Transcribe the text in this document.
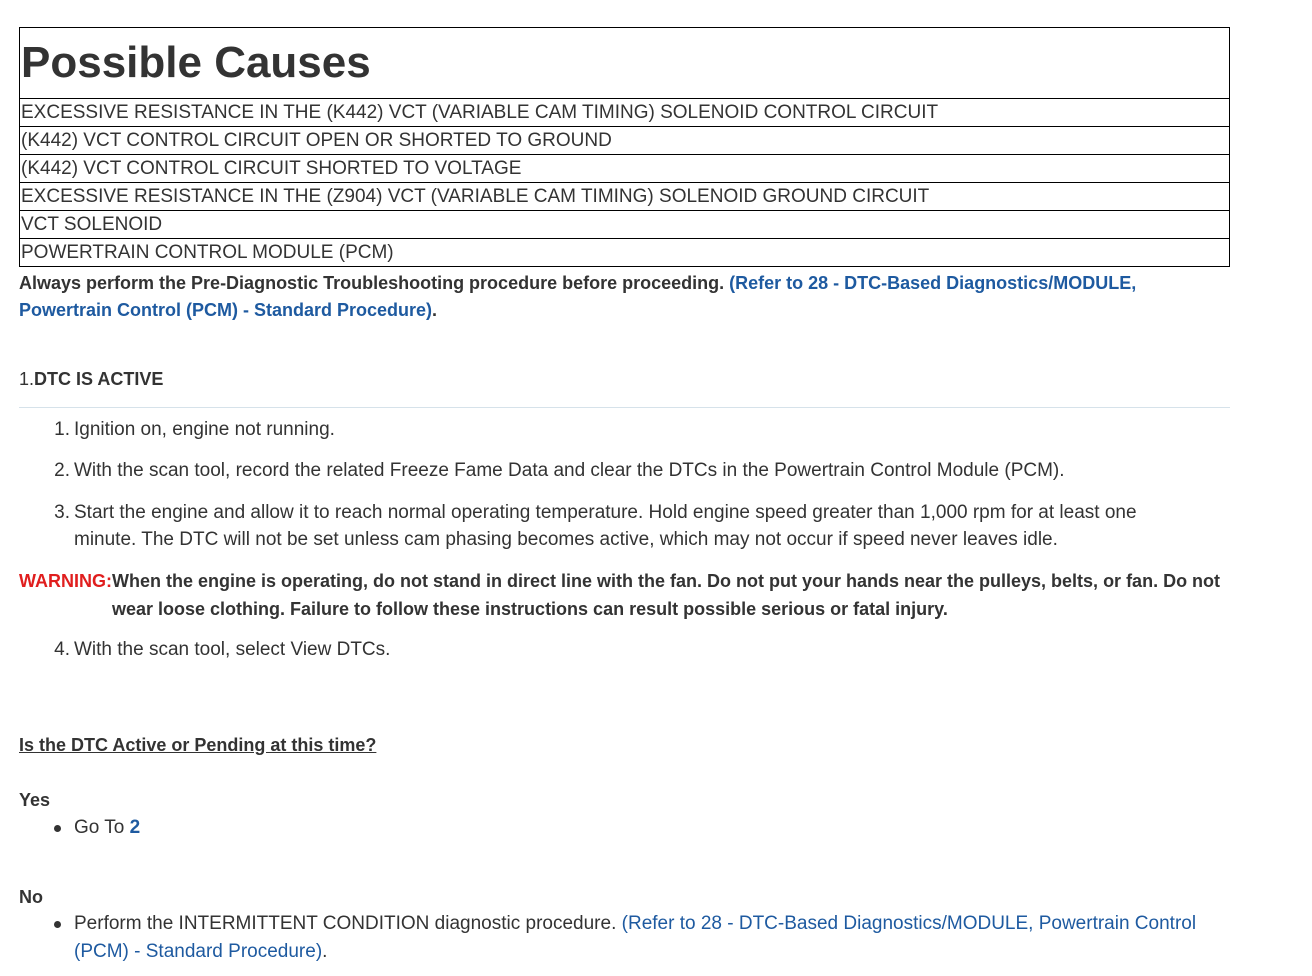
Possible Causes
EXCESSIVE RESISTANCE IN THE (K442) VCT (VARIABLE CAM TIMING) SOLENOID CONTROL CIRCUIT
(K442) VCT CONTROL CIRCUIT OPEN OR SHORTED TO GROUND
(K442) VCT CONTROL CIRCUIT SHORTED TO VOLTAGE
EXCESSIVE RESISTANCE IN THE (Z904) VCT (VARIABLE CAM TIMING) SOLENOID GROUND CIRCUIT
VCT SOLENOID
POWERTRAIN CONTROL MODULE (PCM)
Always perform the Pre-Diagnostic Troubleshooting procedure before proceeding. (Refer to 28 - DTC-Based Diagnostics/MODULE, Powertrain Control (PCM) - Standard Procedure).
1.DTC IS ACTIVE
1. Ignition on, engine not running.
2. With the scan tool, record the related Freeze Fame Data and clear the DTCs in the Powertrain Control Module (PCM).
3. Start the engine and allow it to reach normal operating temperature. Hold engine speed greater than 1,000 rpm for at least one minute. The DTC will not be set unless cam phasing becomes active, which may not occur if speed never leaves idle.
WARNING: When the engine is operating, do not stand in direct line with the fan. Do not put your hands near the pulleys, belts, or fan. Do not wear loose clothing. Failure to follow these instructions can result possible serious or fatal injury.
4. With the scan tool, select View DTCs.
Is the DTC Active or Pending at this time?
Yes
Go To 2
No
Perform the INTERMITTENT CONDITION diagnostic procedure. (Refer to 28 - DTC-Based Diagnostics/MODULE, Powertrain Control (PCM) - Standard Procedure).
